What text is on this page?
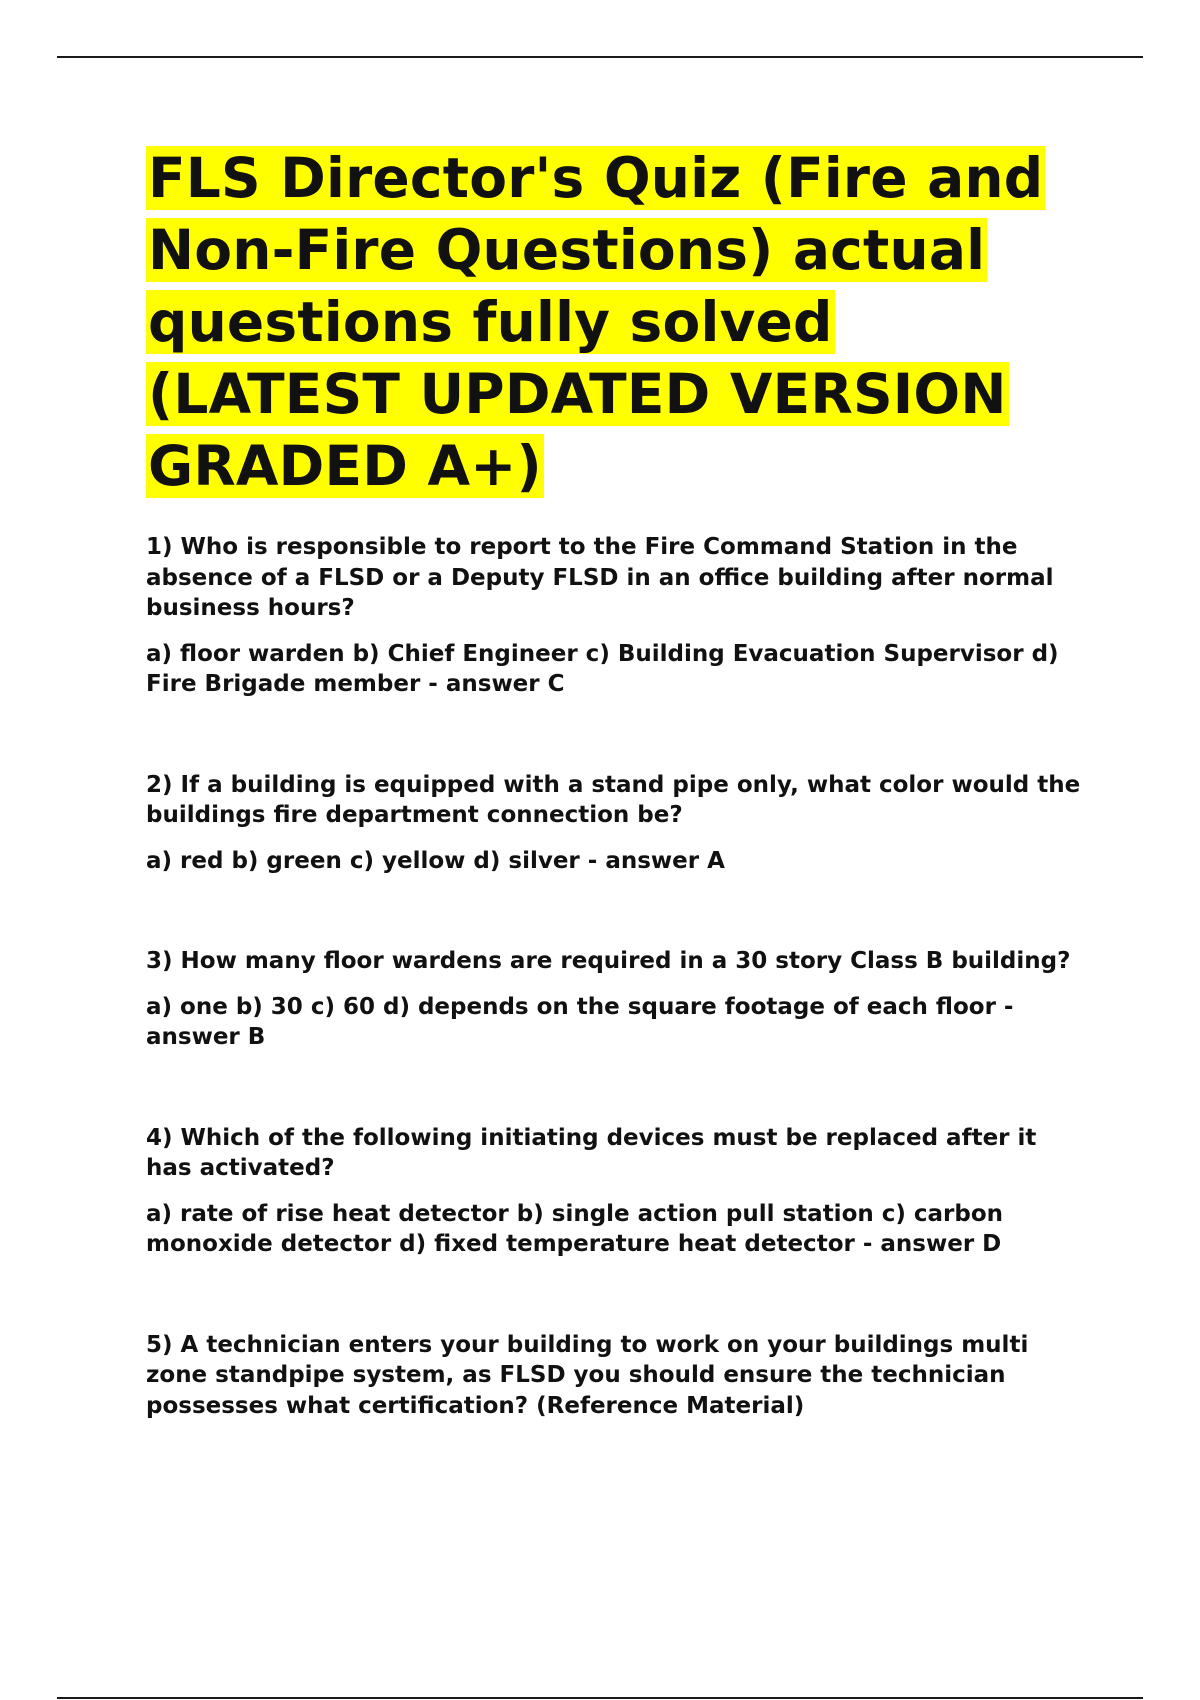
FLS Director's Quiz (Fire and Non-Fire Questions) actual questions fully solved (LATEST UPDATED VERSION GRADED A+)

1) Who is responsible to report to the Fire Command Station in the absence of a FLSD or a Deputy FLSD in an office building after normal business hours?

a) floor warden b) Chief Engineer c) Building Evacuation Supervisor d) Fire Brigade member - answer C

2) If a building is equipped with a stand pipe only, what color would the buildings fire department connection be?

a) red b) green c) yellow d) silver - answer A

3) How many floor wardens are required in a 30 story Class B building?

a) one b) 30 c) 60 d) depends on the square footage of each floor - answer B

4) Which of the following initiating devices must be replaced after it has activated?

a) rate of rise heat detector b) single action pull station c) carbon monoxide detector d) fixed temperature heat detector - answer D

5) A technician enters your building to work on your buildings multi zone standpipe system, as FLSD you should ensure the technician possesses what certification? (Reference Material)
